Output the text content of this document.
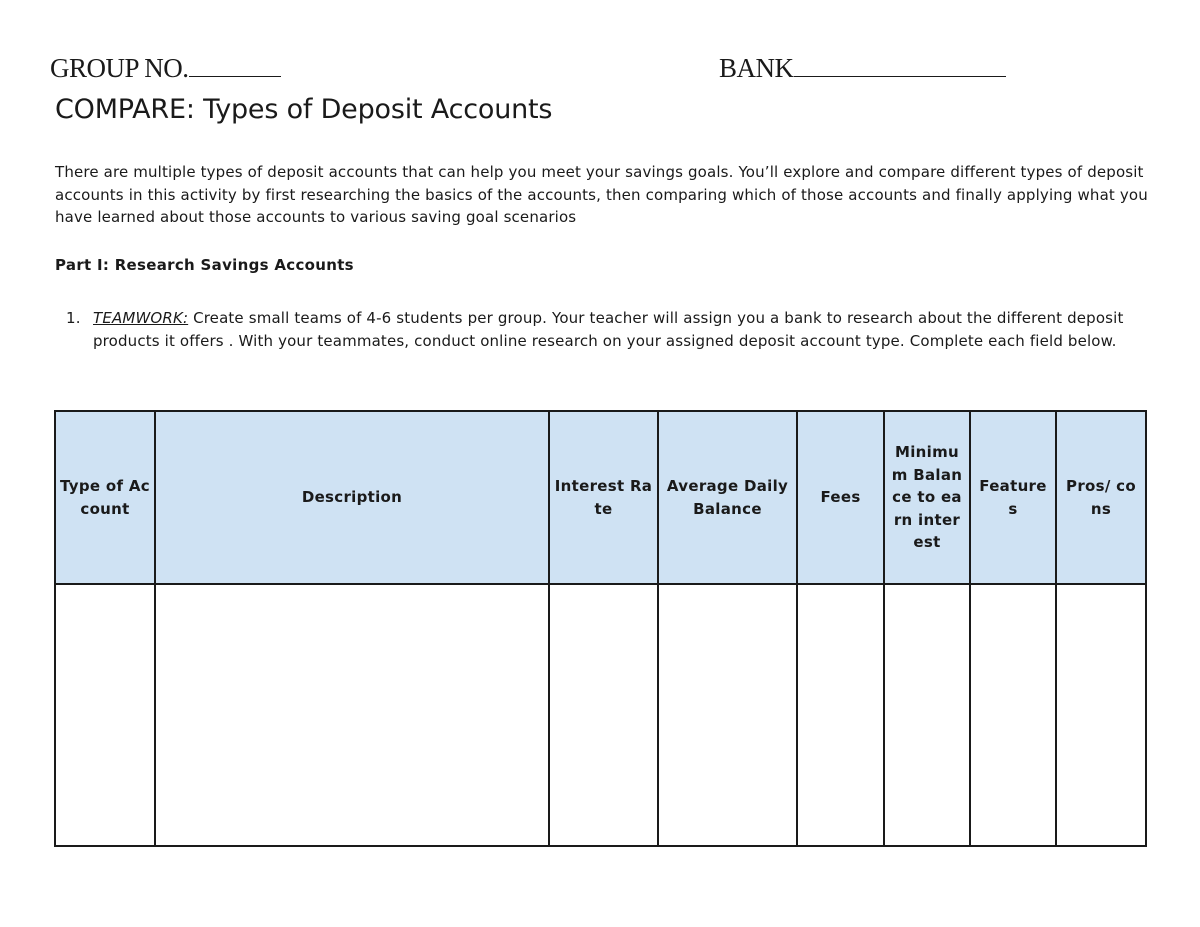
GROUP NO.	BANK
COMPARE: Types of Deposit Accounts

There are multiple types of deposit accounts that can help you meet your savings goals. You’ll explore and compare different types of deposit accounts in this activity by first researching the basics of the accounts, then comparing which of those accounts and finally applying what you have learned about those accounts to various saving goal scenarios

Part I: Research Savings Accounts
1. TEAMWORK: Create small teams of 4-6 students per group. Your teacher will assign you a bank to research about the different deposit products it offers . With your teammates, conduct online research on your assigned deposit account type. Complete each field below.
Type of Account	Description	Interest Rate	Average Daily Balance	Fees	Minimum Balance to earn interest	Features	Pros/ cons
